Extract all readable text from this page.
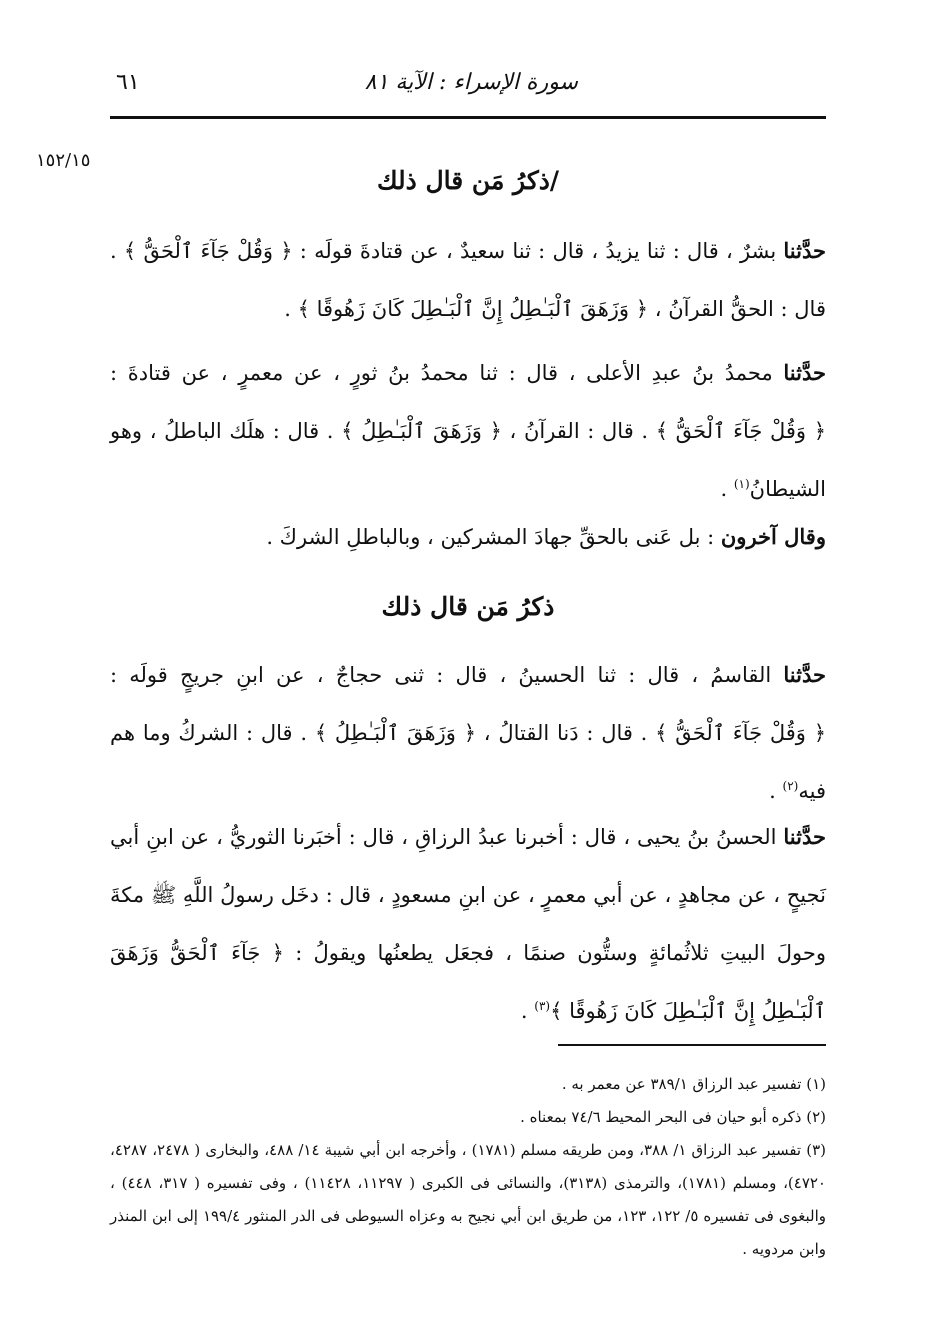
سورة الإسراء : الآية ٨١
٦١
١٥٢/١٥
/ذكرُ مَن قال ذلك
حدَّثنا بشرٌ ، قال : ثنا يزيدُ ، قال : ثنا سعيدٌ ، عن قتادةَ قولَه : ﴿ وَقُلْ جَآءَ ٱلْحَقُّ ﴾ . قال : الحقُّ القرآنُ ، ﴿ وَزَهَقَ ٱلْبَـٰطِلُ إِنَّ ٱلْبَـٰطِلَ كَانَ زَهُوقًا ﴾ .
حدَّثنا محمدُ بنُ عبدِ الأعلى ، قال : ثنا محمدُ بنُ ثورٍ ، عن معمرٍ ، عن قتادةَ : ﴿ وَقُلْ جَآءَ ٱلْحَقُّ ﴾ . قال : القرآنُ ، ﴿ وَزَهَقَ ٱلْبَـٰطِلُ ﴾ . قال : هلَك الباطلُ ، وهو الشيطانُ$^{(١)}$ .
وقال آخرون : بل عَنى بالحقِّ جهادَ المشركين ، وبالباطلِ الشركَ .
ذكرُ مَن قال ذلك
حدَّثنا القاسمُ ، قال : ثنا الحسينُ ، قال : ثنى حجاجٌ ، عن ابنِ جريجٍ قولَه : ﴿ وَقُلْ جَآءَ ٱلْحَقُّ ﴾ . قال : دَنا القتالُ ، ﴿ وَزَهَقَ ٱلْبَـٰطِلُ ﴾ . قال : الشركُ وما هم فيه$^{(٢)}$ .
حدَّثنا الحسنُ بنُ يحيى ، قال : أخبرنا عبدُ الرزاقِ ، قال : أخبَرنا الثوريُّ ، عن ابنِ أبي نَجيحٍ ، عن مجاهدٍ ، عن أبي معمرٍ ، عن ابنِ مسعودٍ ، قال : دخَل رسولُ اللَّهِ ﷺ مكةَ وحولَ البيتِ ثلاثُمائةٍ وستُّون صنمًا ، فجعَل يطعنُها ويقولُ : ﴿ جَآءَ ٱلْحَقُّ وَزَهَقَ ٱلْبَـٰطِلُ إِنَّ ٱلْبَـٰطِلَ كَانَ زَهُوقًا ﴾$^{(٣)}$ .

(١) تفسير عبد الرزاق ٣٨٩/١ عن معمر به .

(٢) ذكره أبو حيان فى البحر المحيط ٧٤/٦ بمعناه .

(٣) تفسير عبد الرزاق ١/ ٣٨٨، ومن طريقه مسلم (١٧٨١) ، وأخرجه ابن أبي شيبة ١٤/ ٤٨٨، والبخارى ( ٢٤٧٨، ٤٢٨٧، ٤٧٢٠)، ومسلم (١٧٨١)، والترمذى (٣١٣٨)، والنسائى فى الكبرى ( ١١٢٩٧، ١١٤٢٨) ، وفى تفسيره ( ٣١٧، ٤٤٨) ، والبغوى فى تفسيره ٥/ ١٢٢، ١٢٣، من طريق ابن أبي نجيح به وعزاه السيوطى فى الدر المنثور ١٩٩/٤ إلى ابن المنذر وابن مردويه .
